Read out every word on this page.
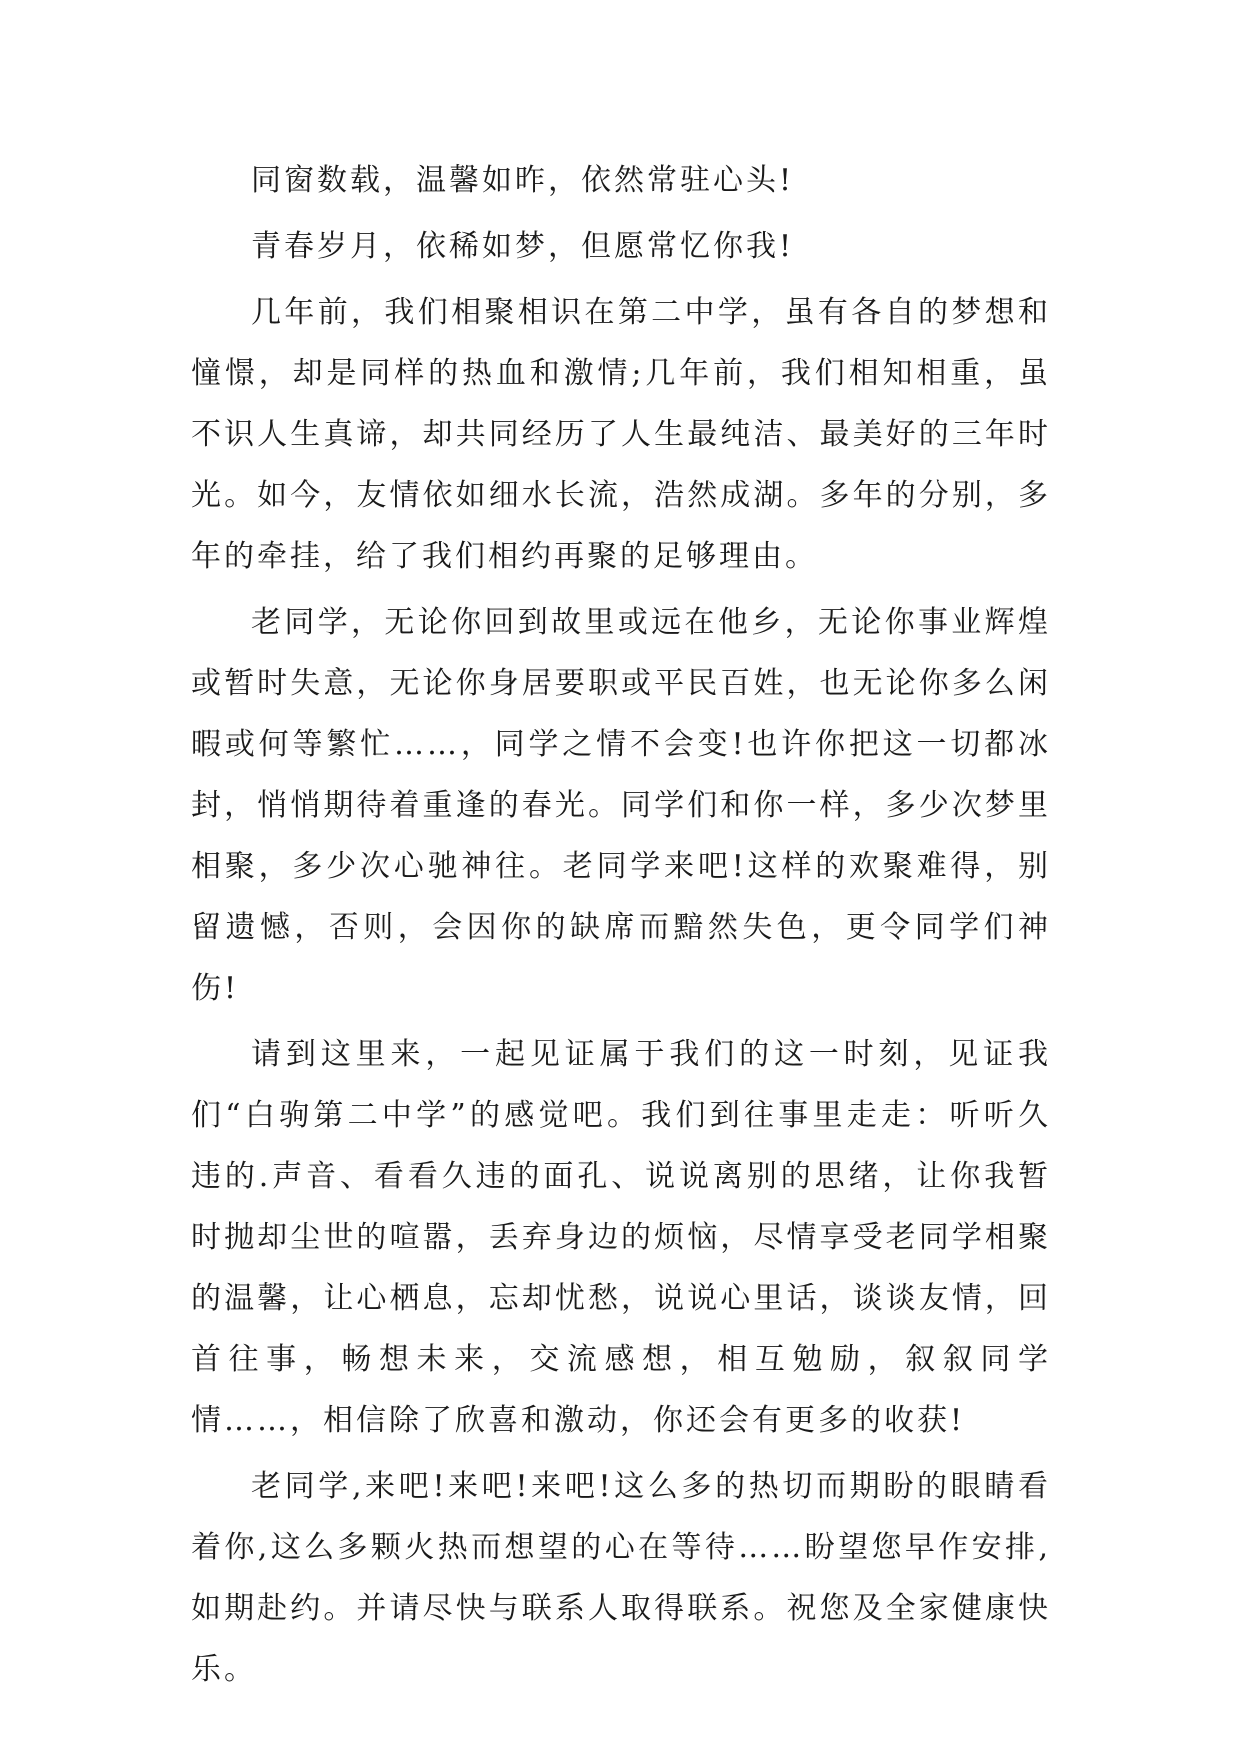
同窗数载，温馨如昨，依然常驻心头!

青春岁月，依稀如梦，但愿常忆你我!

几年前，我们相聚相识在第二中学，虽有各自的梦想和憧憬，却是同样的热血和激情;几年前，我们相知相重，虽不识人生真谛，却共同经历了人生最纯洁、最美好的三年时光。如今，友情依如细水长流，浩然成湖。多年的分别，多年的牵挂，给了我们相约再聚的足够理由。

老同学，无论你回到故里或远在他乡，无论你事业辉煌或暂时失意，无论你身居要职或平民百姓，也无论你多么闲暇或何等繁忙……，同学之情不会变!也许你把这一切都冰封，悄悄期待着重逢的春光。同学们和你一样，多少次梦里相聚，多少次心驰神往。老同学来吧!这样的欢聚难得，别留遗憾，否则，会因你的缺席而黯然失色，更令同学们神伤!

请到这里来，一起见证属于我们的这一时刻，见证我们“白驹第二中学”的感觉吧。我们到往事里走走：听听久违的.声音、看看久违的面孔、说说离别的思绪，让你我暂时抛却尘世的喧嚣，丢弃身边的烦恼，尽情享受老同学相聚的温馨，让心栖息，忘却忧愁，说说心里话，谈谈友情，回首往事，畅想未来，交流感想，相互勉励，叙叙同学情……，相信除了欣喜和激动，你还会有更多的收获!

老同学,来吧!来吧!来吧!这么多的热切而期盼的眼睛看着你,这么多颗火热而想望的心在等待……盼望您早作安排,如期赴约。并请尽快与联系人取得联系。祝您及全家健康快乐。
